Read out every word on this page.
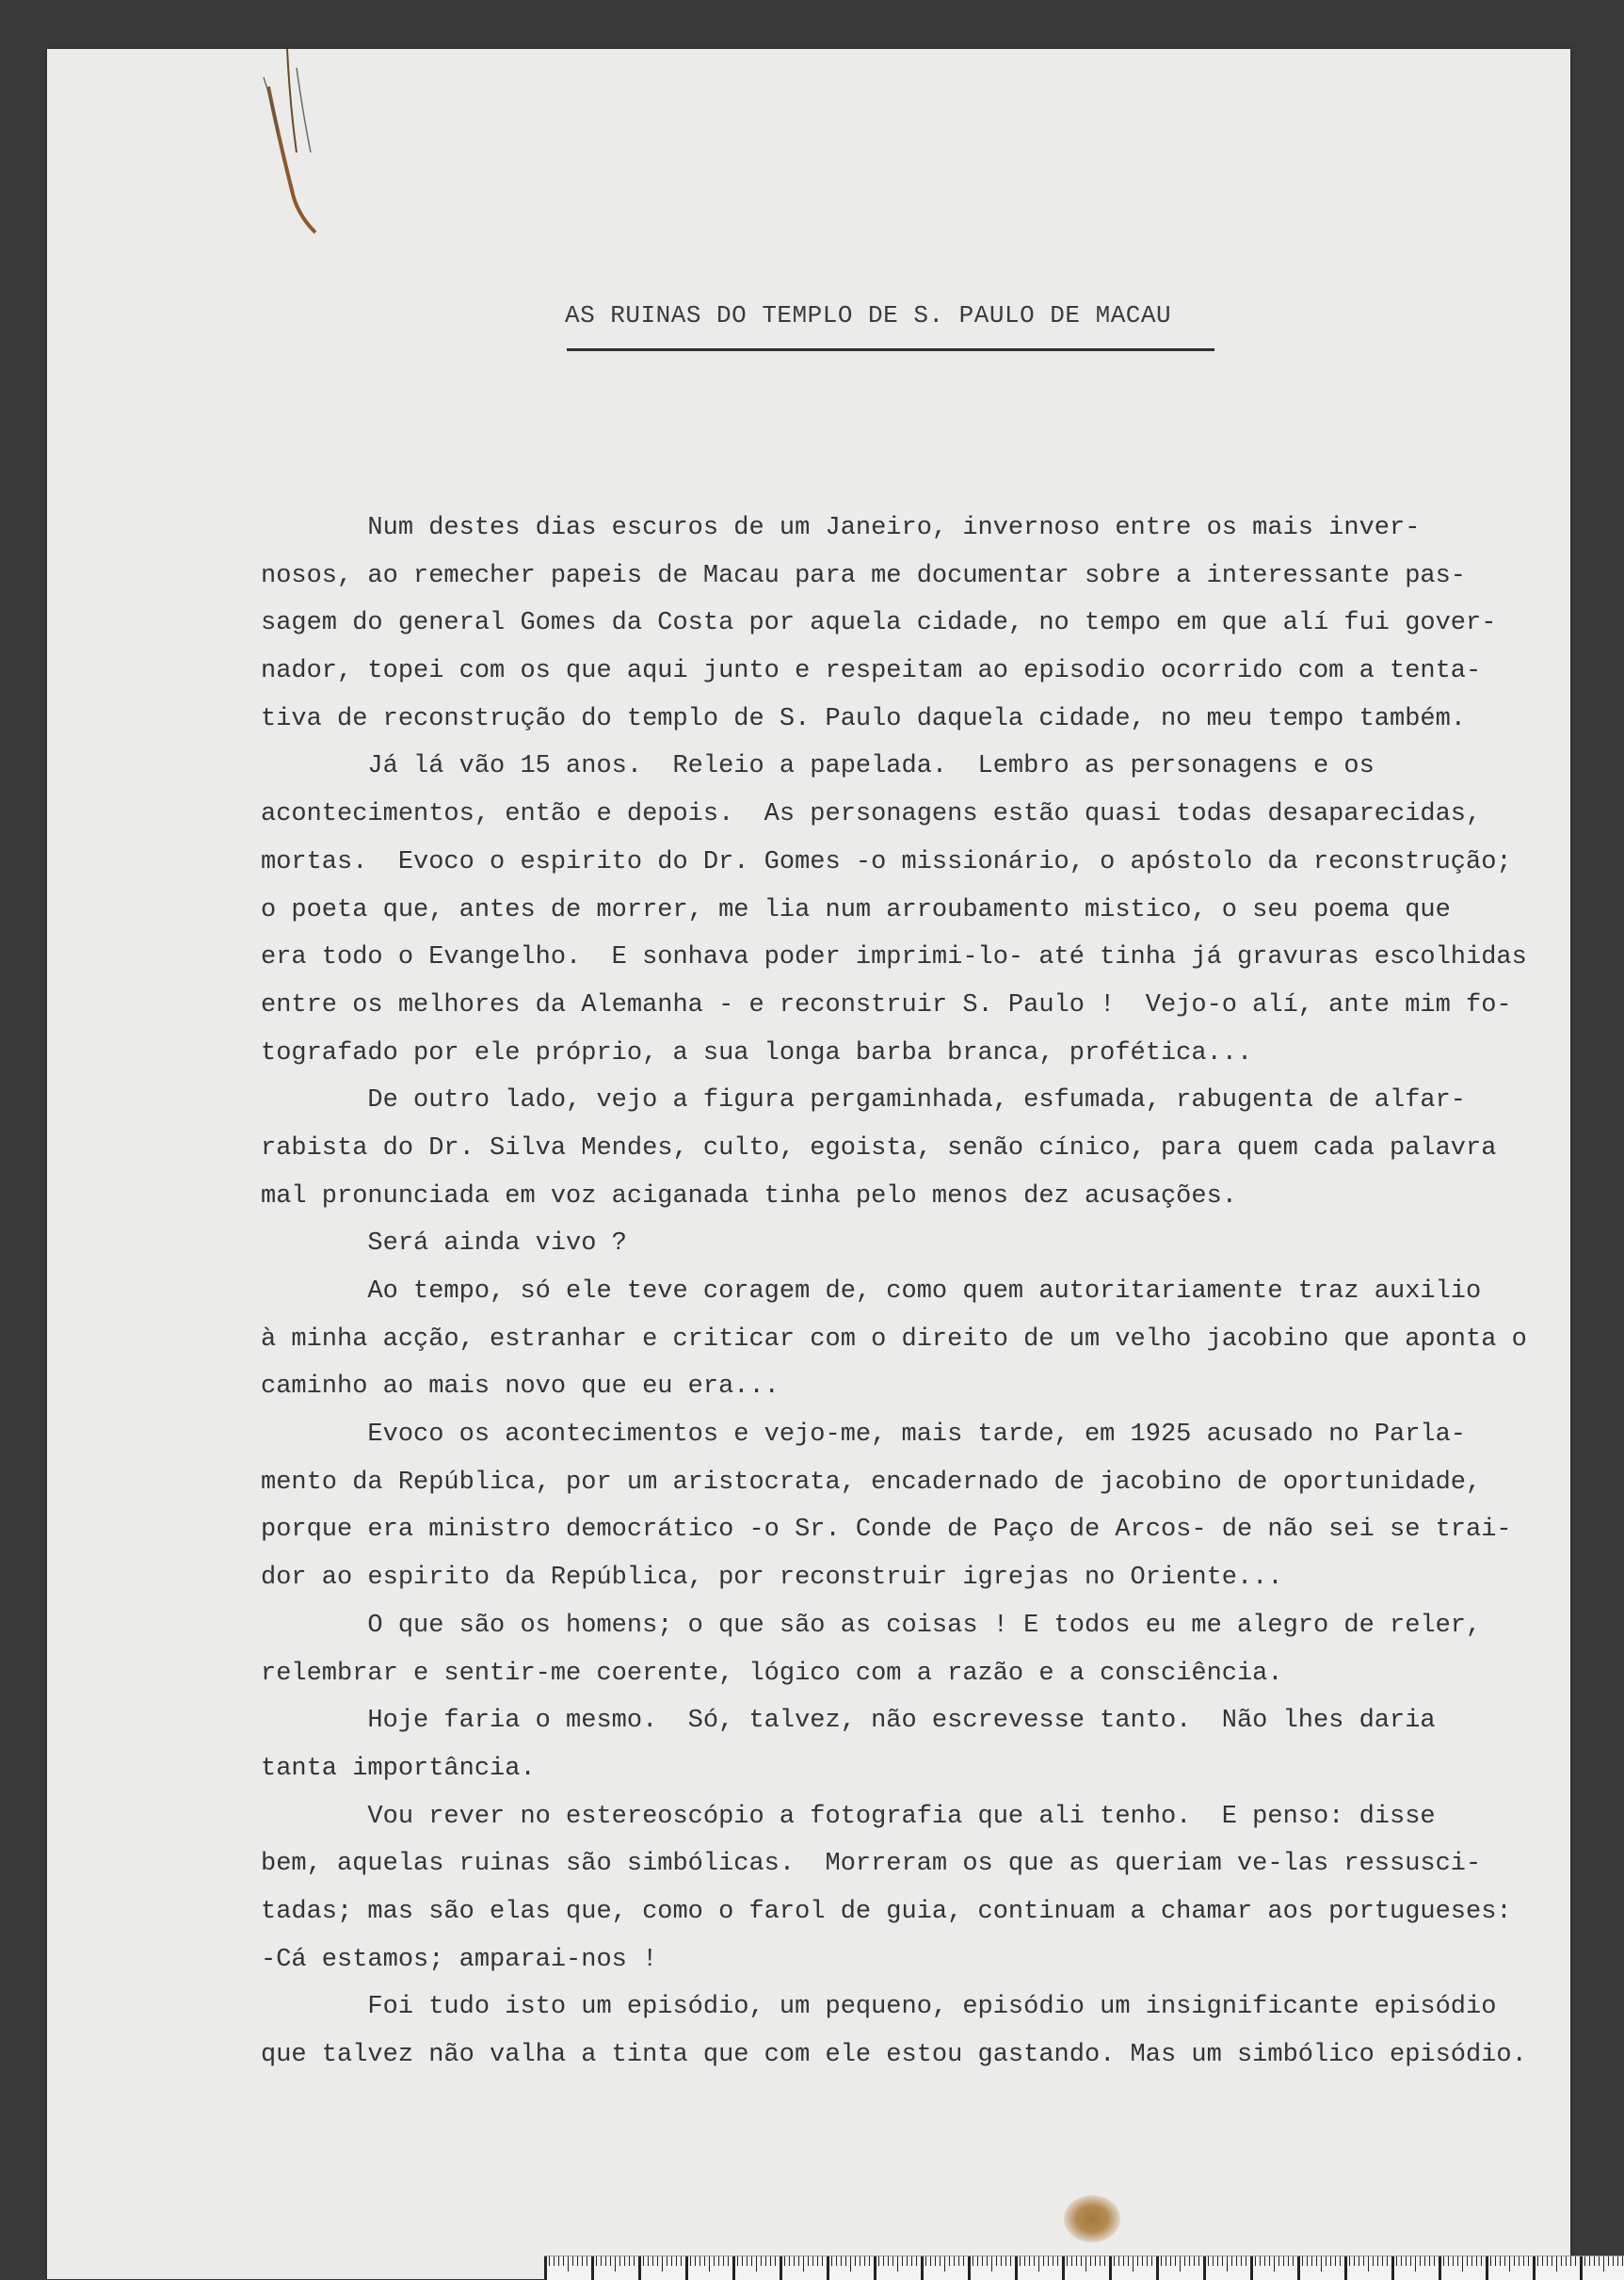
AS RUINAS DO TEMPLO DE S. PAULO DE MACAU
Num destes dias escuros de um Janeiro, invernoso entre os mais inver-
nosos, ao remecher papeis de Macau para me documentar sobre a interessante pas-
sagem do general Gomes da Costa por aquela cidade, no tempo em que alí fui gover-
nador, topei com os que aqui junto e respeitam ao episodio ocorrido com a tenta-
tiva de reconstrução do templo de S. Paulo daquela cidade, no meu tempo também.
Já lá vão 15 anos.  Releio a papelada.  Lembro as personagens e os
acontecimentos, então e depois.  As personagens estão quasi todas desaparecidas,
mortas.  Evoco o espirito do Dr. Gomes -o missionário, o apóstolo da reconstrução;
o poeta que, antes de morrer, me lia num arroubamento mistico, o seu poema que
era todo o Evangelho.  E sonhava poder imprimi-lo- até tinha já gravuras escolhidas
entre os melhores da Alemanha - e reconstruir S. Paulo !  Vejo-o alí, ante mim fo-
tografado por ele próprio, a sua longa barba branca, profética...
De outro lado, vejo a figura pergaminhada, esfumada, rabugenta de alfar-
rabista do Dr. Silva Mendes, culto, egoista, senão cínico, para quem cada palavra
mal pronunciada em voz aciganada tinha pelo menos dez acusações.
Será ainda vivo ?
Ao tempo, só ele teve coragem de, como quem autoritariamente traz auxilio
à minha acção, estranhar e criticar com o direito de um velho jacobino que aponta o
caminho ao mais novo que eu era...
Evoco os acontecimentos e vejo-me, mais tarde, em 1925 acusado no Parla-
mento da República, por um aristocrata, encadernado de jacobino de oportunidade,
porque era ministro democrático -o Sr. Conde de Paço de Arcos- de não sei se trai-
dor ao espirito da República, por reconstruir igrejas no Oriente...
O que são os homens; o que são as coisas ! E todos eu me alegro de reler,
relembrar e sentir-me coerente, lógico com a razão e a consciência.
Hoje faria o mesmo.  Só, talvez, não escrevesse tanto.  Não lhes daria
tanta importância.
Vou rever no estereoscópio a fotografia que ali tenho.  E penso: disse
bem, aquelas ruinas são simbólicas.  Morreram os que as queriam ve-las ressusci-
tadas; mas são elas que, como o farol de guia, continuam a chamar aos portugueses:
-Cá estamos; amparai-nos !
Foi tudo isto um episódio, um pequeno, episódio um insignificante episódio
que talvez não valha a tinta que com ele estou gastando. Mas um simbólico episódio.
